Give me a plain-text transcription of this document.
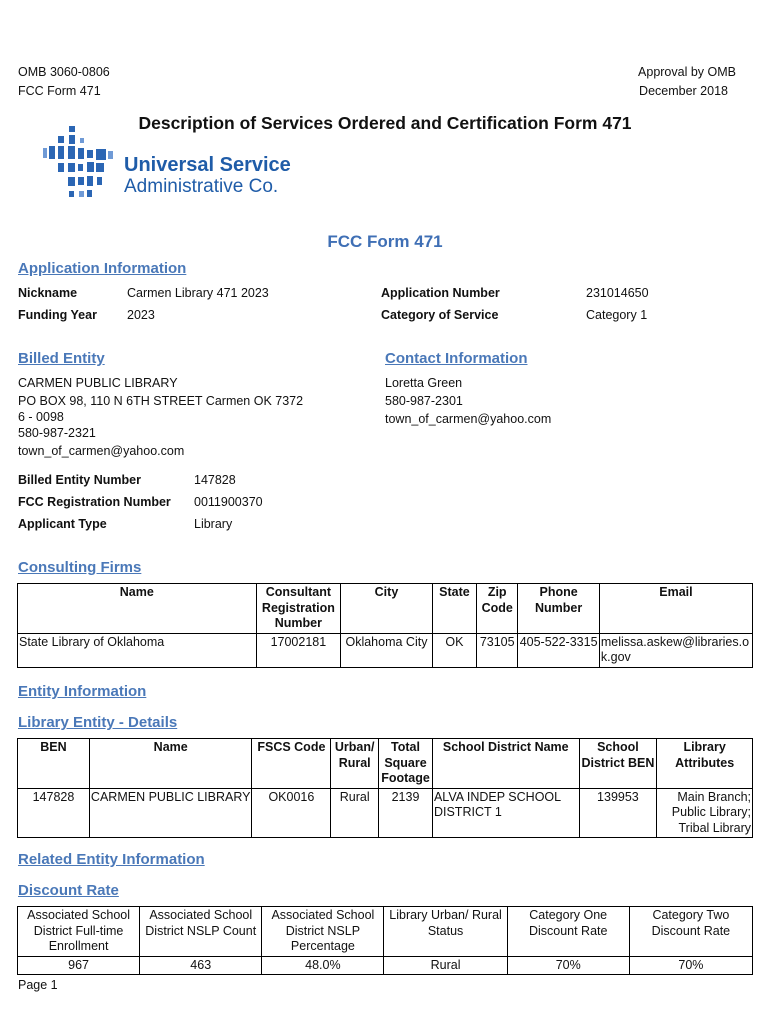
OMB 3060-0806
FCC Form 471
Approval by OMB
December 2018
Description of Services Ordered and Certification Form 471
Universal Service
Administrative Co.
FCC Form 471
Application Information
Nickname	Carmen Library 471 2023	Application Number	231014650
Funding Year 2023	Category of Service	Category 1
Billed Entity
CARMEN PUBLIC LIBRARY
PO BOX 98, 110 N 6TH STREET Carmen OK 7372
6 - 0098
580-987-2321
town_of_carmen@yahoo.com
Billed Entity Number	147828
FCC Registration Number 0011900370
Applicant Type	Library
Contact Information
Loretta Green
580-987-2301
town_of_carmen@yahoo.com
Consulting Firms
Name	Consultant Registration Number	City	State	Zip Code	Phone Number	Email
State Library of Oklahoma	17002181	Oklahoma City	OK	73105	405-522-3315	melissa.askew@libraries.ok.gov
Entity Information
Library Entity - Details
BEN	Name	FSCS Code	Urban/ Rural	Total Square Footage	School District Name	School District BEN	Library Attributes
147828	CARMEN PUBLIC LIBRARY	OK0016	Rural	2139	ALVA INDEP SCHOOL DISTRICT 1	139953	Main Branch; Public Library; Tribal Library
Related Entity Information
Discount Rate
Associated School District Full-time Enrollment	Associated School District NSLP Count	Associated School District NSLP Percentage	Library Urban/ Rural Status	Category One Discount Rate	Category Two Discount Rate
967	463	48.0%	Rural	70%	70%
Page 1
